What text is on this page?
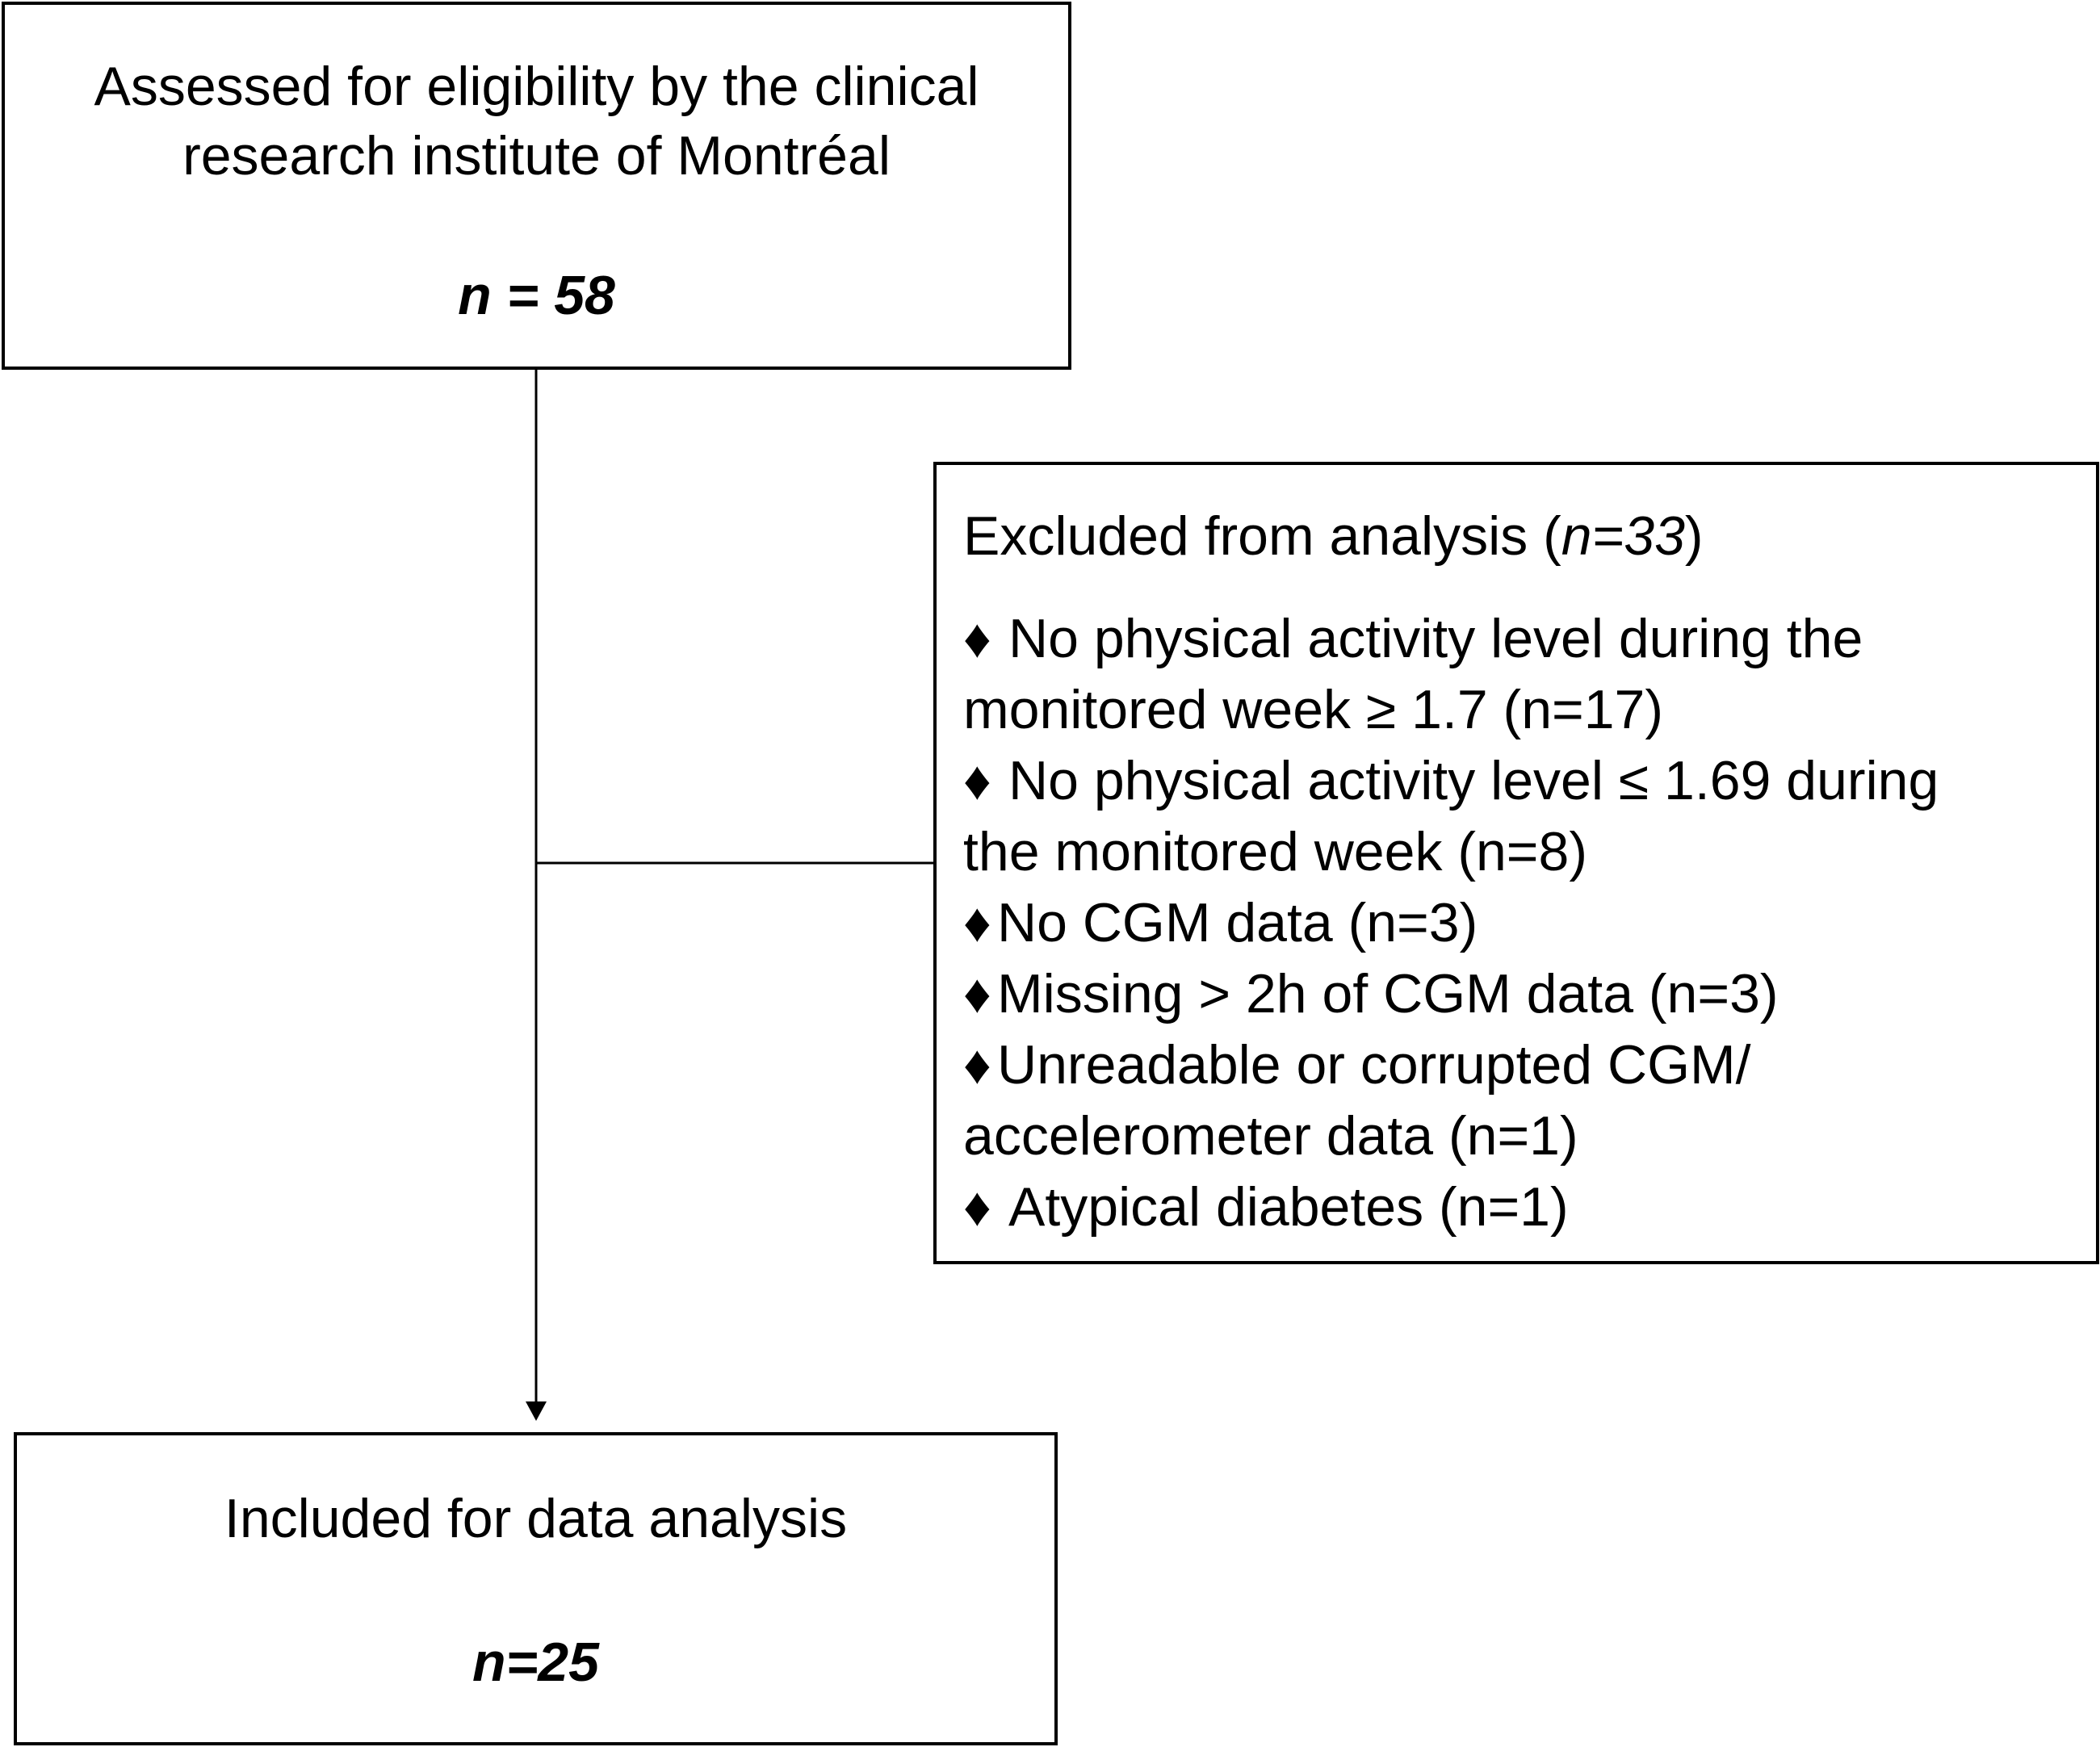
Assessed for eligibility by the clinical research institute of Montréal
n = 58
Excluded from analysis (n=33)
♦ No physical activity level during the
monitored week ≥ 1.7 (n=17)
♦ No physical activity level ≤ 1.69 during
the monitored week (n=8)
♦ No CGM data (n=3)
♦ Missing > 2h of CGM data (n=3)
♦ Unreadable or corrupted CGM/
accelerometer data (n=1)
♦ Atypical diabetes (n=1)
Included for data analysis
n=25
